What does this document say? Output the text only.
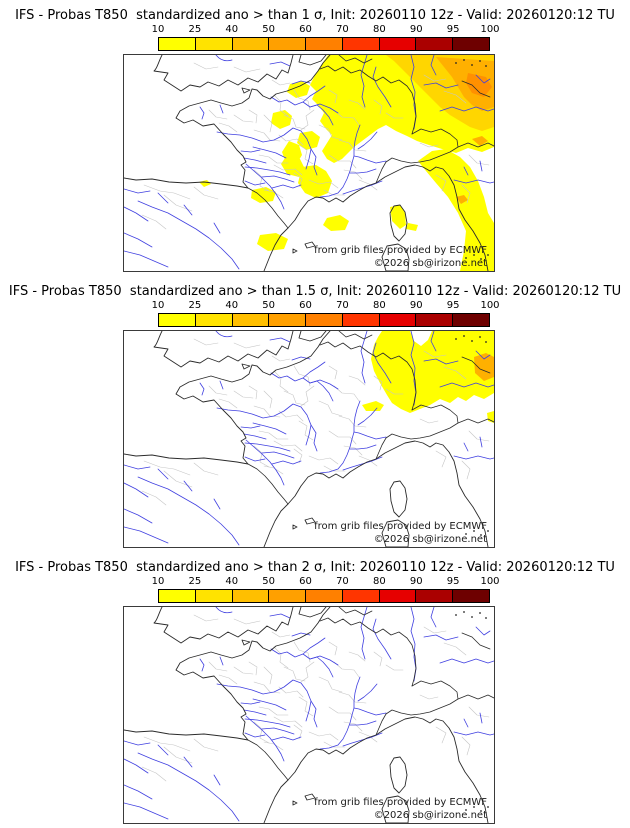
IFS - Probas T850  standardized ano > than 1 σ, Init: 20260110 12z - Valid: 20260120:12 TU
10 25 40 50 60 70 80 90 95 100
from grib files provided by ECMWF
©2026 sb@irizone.net
IFS - Probas T850  standardized ano > than 1.5 σ, Init: 20260110 12z - Valid: 20260120:12 TU
10 25 40 50 60 70 80 90 95 100
from grib files provided by ECMWF
©2026 sb@irizone.net
IFS - Probas T850  standardized ano > than 2 σ, Init: 20260110 12z - Valid: 20260120:12 TU
10 25 40 50 60 70 80 90 95 100
from grib files provided by ECMWF
©2026 sb@irizone.net
